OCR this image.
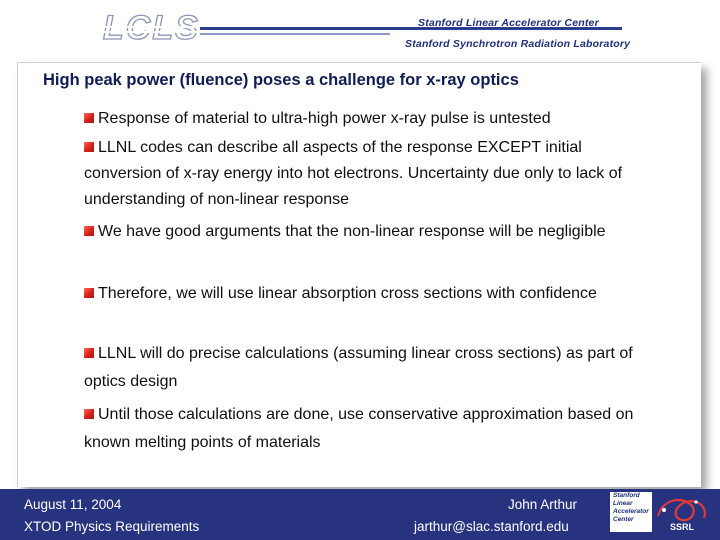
Stanford Linear Accelerator Center
Stanford Synchrotron Radiation Laboratory
High peak power (fluence) poses a challenge for x-ray optics
Response of material to ultra-high power x-ray pulse is untested
LLNL codes can describe all aspects of the response EXCEPT initial conversion of x-ray energy into hot electrons. Uncertainty due only to lack of understanding of non-linear response
We have good arguments that the non-linear response will be negligible
Therefore, we will use linear absorption cross sections with confidence
LLNL will do precise calculations (assuming linear cross sections) as part of optics design
Until those calculations are done, use conservative approximation based on known melting points of materials
August 11, 2004
XTOD Physics Requirements
John Arthur
jarthur@slac.stanford.edu
Stanford
Linear
Accelerator
Center
SSRL
